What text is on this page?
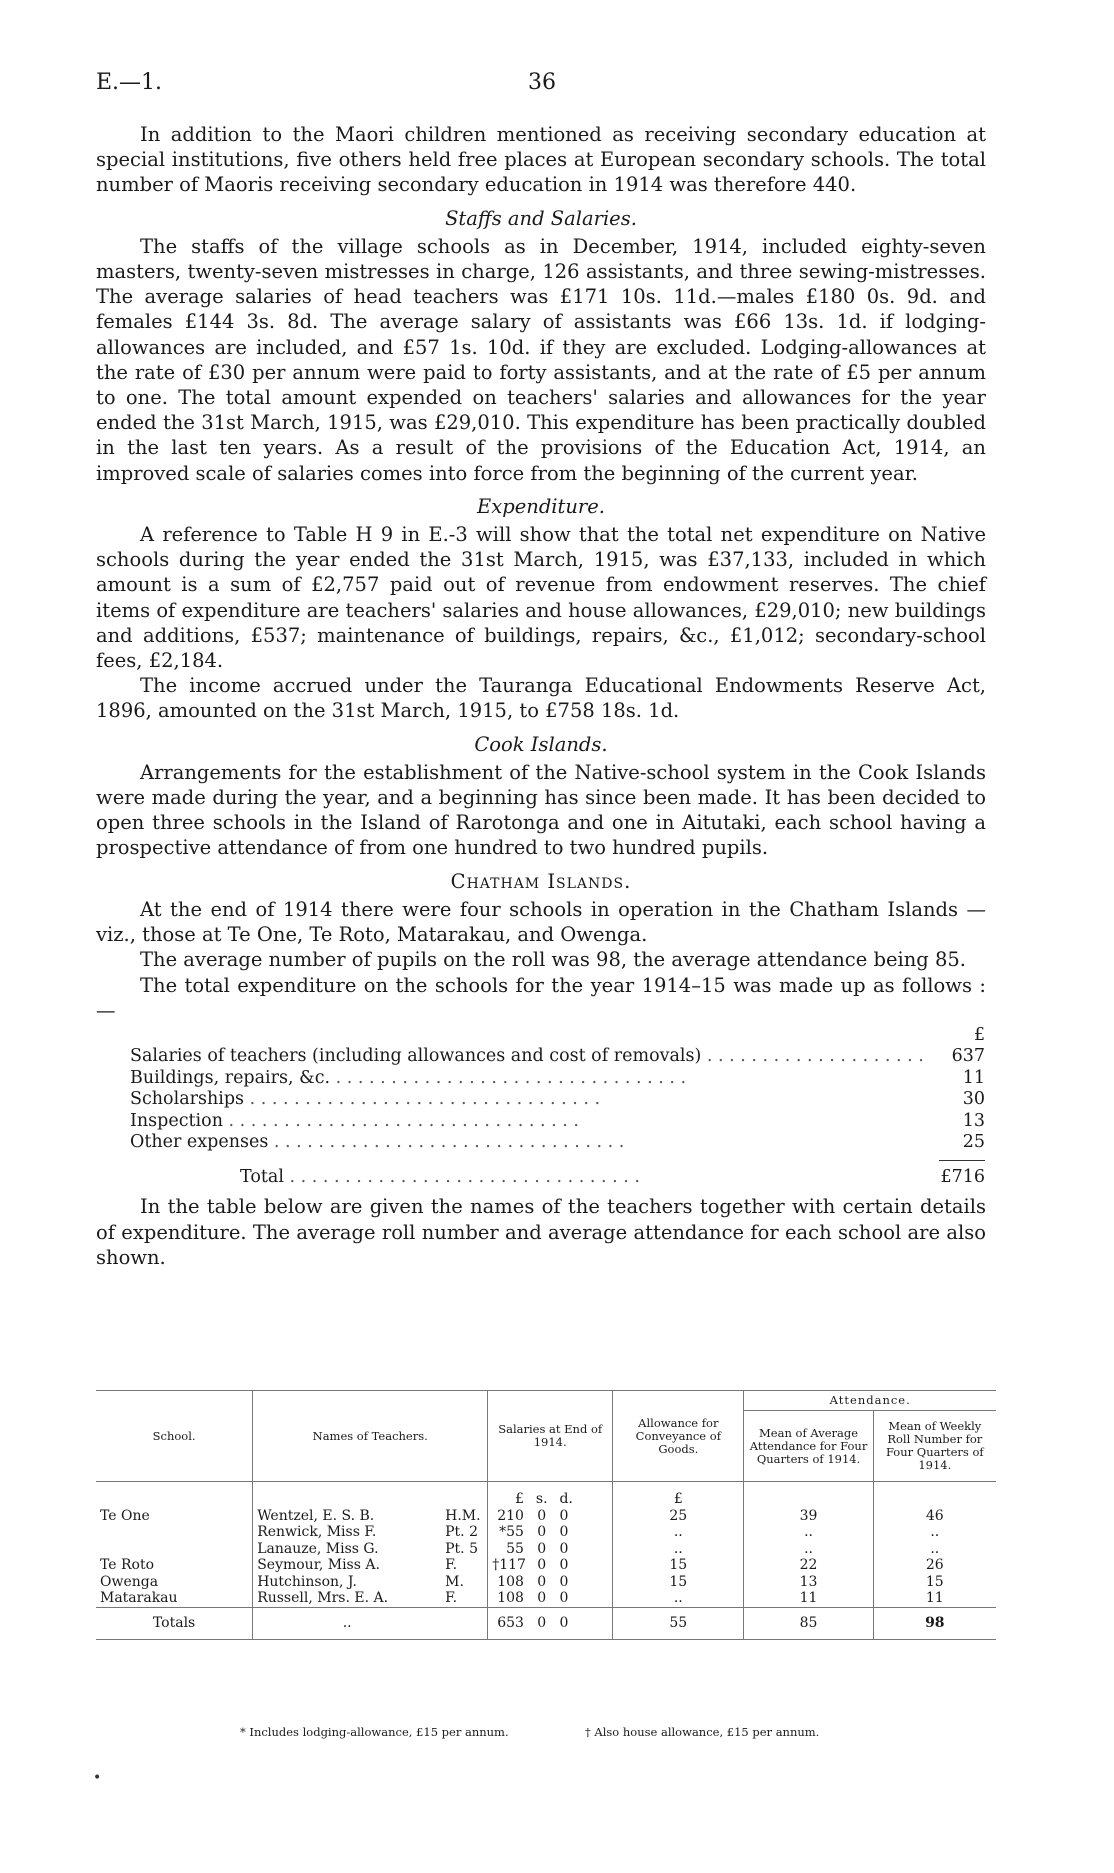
E.—1.	36

In addition to the Maori children mentioned as receiving secondary education at special institutions, five others held free places at European secondary schools. The total number of Maoris receiving secondary education in 1914 was therefore 440.

Staffs and Salaries.

The staffs of the village schools as in December, 1914, included eighty-seven masters, twenty-seven mistresses in charge, 126 assistants, and three sewing-mistresses. The average salaries of head teachers was £171 10s. 11d.—males £180 0s. 9d. and females £144 3s. 8d. The average salary of assistants was £66 13s. 1d. if lodging-allowances are included, and £57 1s. 10d. if they are excluded. Lodging-allowances at the rate of £30 per annum were paid to forty assistants, and at the rate of £5 per annum to one. The total amount expended on teachers' salaries and allowances for the year ended the 31st March, 1915, was £29,010. This expenditure has been practically doubled in the last ten years. As a result of the provisions of the Education Act, 1914, an improved scale of salaries comes into force from the beginning of the current year.

Expenditure.

A reference to Table H 9 in E.-3 will show that the total net expenditure on Native schools during the year ended the 31st March, 1915, was £37,133, included in which amount is a sum of £2,757 paid out of revenue from endowment reserves. The chief items of expenditure are teachers' salaries and house allowances, £29,010; new buildings and additions, £537; maintenance of buildings, repairs, &c., £1,012; secondary-school fees, £2,184.

The income accrued under the Tauranga Educational Endowments Reserve Act, 1896, amounted on the 31st March, 1915, to £758 18s. 1d.

Cook Islands.

Arrangements for the establishment of the Native-school system in the Cook Islands were made during the year, and a beginning has since been made. It has been decided to open three schools in the Island of Rarotonga and one in Aitutaki, each school having a prospective attendance of from one hundred to two hundred pupils.

Chatham Islands.

At the end of 1914 there were four schools in operation in the Chatham Islands —viz., those at Te One, Te Roto, Matarakau, and Owenga.

The average number of pupils on the roll was 98, the average attendance being 85.

The total expenditure on the schools for the year 1914–15 was made up as follows :—

£
Salaries of teachers (including allowances and cost of removals) . .	637
Buildings, repairs, &c. . .	11
Scholarships . .	30
Inspection . .	13
Other expenses . .	25
Total . .	£716

In the table below are given the names of the teachers together with certain details of expenditure. The average roll number and average attendance for each school are also shown.

School.	Names of Teachers.		Salaries at End of 1914.			Allowance for Conveyance of Goods.	Attendance.	
							Mean of Average Attendance for Four Quarters of 1914.	Mean of Weekly Roll Number for Four Quarters of 1914.
			£	s.	d.	£		
Te One	Wentzel, E. S. B.	H.M.	210	0	0	25	39	46
	Renwick, Miss F.	Pt. 2	*55	0	0	..	..	..
	Lanauze, Miss G.	Pt. 5	55	0	0	..	..	..
Te Roto	Seymour, Miss A.	F.	†117	0	0	15	22	26
Owenga	Hutchinson, J.	M.	108	0	0	15	13	15
Matarakau	Russell, Mrs. E. A.	F.	108	0	0	..	11	11
Totals	..		653	0	0	55	85	98
* Includes lodging-allowance, £15 per annum.	† Also house allowance, £15 per annum.
•
